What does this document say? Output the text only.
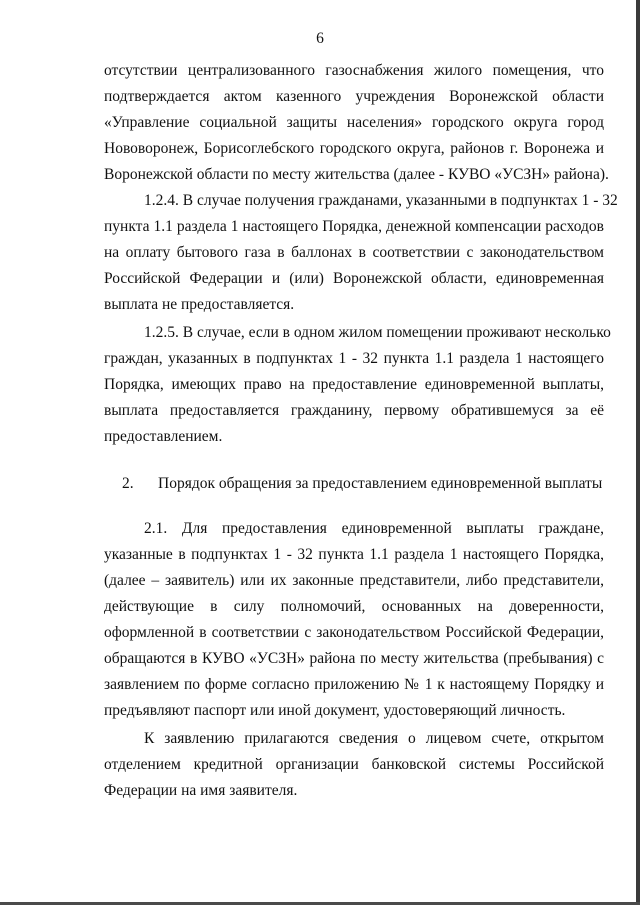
6
отсутствии централизованного газоснабжения жилого помещения, что
подтверждается актом казенного учреждения Воронежской области
«Управление социальной защиты населения» городского округа город
Нововоронеж, Борисоглебского городского округа, районов г. Воронежа и
Воронежской области по месту жительства (далее - КУВО «УСЗН» района).
1.2.4. В случае получения гражданами, указанными в подпунктах 1 - 32
пункта 1.1 раздела 1 настоящего Порядка, денежной компенсации расходов
на оплату бытового газа в баллонах в соответствии с законодательством
Российской Федерации и (или) Воронежской области, единовременная
выплата не предоставляется.
1.2.5. В случае, если в одном жилом помещении проживают несколько
граждан, указанных в подпунктах 1 - 32 пункта 1.1 раздела 1 настоящего
Порядка, имеющих право на предоставление единовременной выплаты,
выплата предоставляется гражданину, первому обратившемуся за её
предоставлением.
2. Порядок обращения за предоставлением единовременной выплаты
2.1. Для предоставления единовременной выплаты граждане,
указанные в подпунктах 1 - 32 пункта 1.1 раздела 1 настоящего Порядка,
(далее – заявитель) или их законные представители, либо представители,
действующие в силу полномочий, основанных на доверенности,
оформленной в соответствии с законодательством Российской Федерации,
обращаются в КУВО «УСЗН» района по месту жительства (пребывания) с
заявлением по форме согласно приложению № 1 к настоящему Порядку и
предъявляют паспорт или иной документ, удостоверяющий личность.
К заявлению прилагаются сведения о лицевом счете, открытом
отделением кредитной организации банковской системы Российской
Федерации на имя заявителя.
